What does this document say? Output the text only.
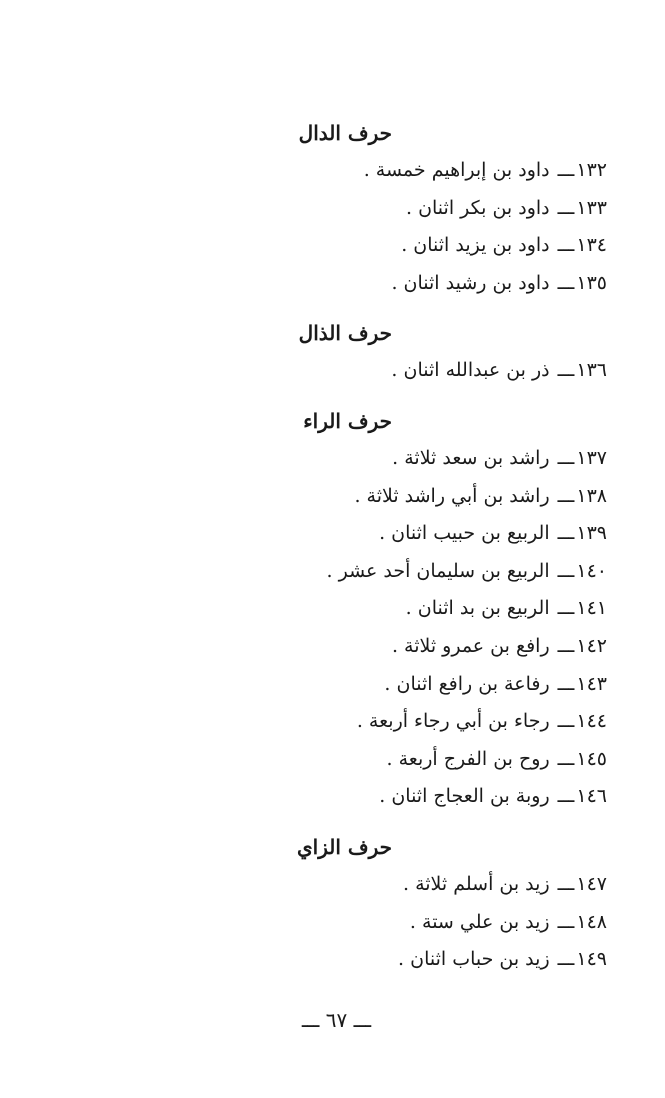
حرف الدال
١٣٢ـــ داود بن إبراهيم خمسة .
١٣٣ـــ داود بن بكر اثنان .
١٣٤ـــ داود بن يزيد اثنان .
١٣٥ـــ داود بن رشيد اثنان .
حرف الذال
١٣٦ـــ ذر بن عبدالله اثنان .
حرف الراء
١٣٧ـــ راشد بن سعد ثلاثة .
١٣٨ـــ راشد بن أبي راشد ثلاثة .
١٣٩ـــ الربيع بن حبيب اثنان .
١٤٠ـــ الربيع بن سليمان أحد عشر .
١٤١ـــ الربيع بن بد اثنان .
١٤٢ـــ رافع بن عمرو ثلاثة .
١٤٣ـــ رفاعة بن رافع اثنان .
١٤٤ـــ رجاء بن أبي رجاء أربعة .
١٤٥ـــ روح بن الفرج أربعة .
١٤٦ـــ روبة بن العجاج اثنان .
حرف الزاي
١٤٧ـــ زيد بن أسلم ثلاثة .
١٤٨ـــ زيد بن علي ستة .
١٤٩ـــ زيد بن حباب اثنان .
ـــ ٦٧ ـــ
